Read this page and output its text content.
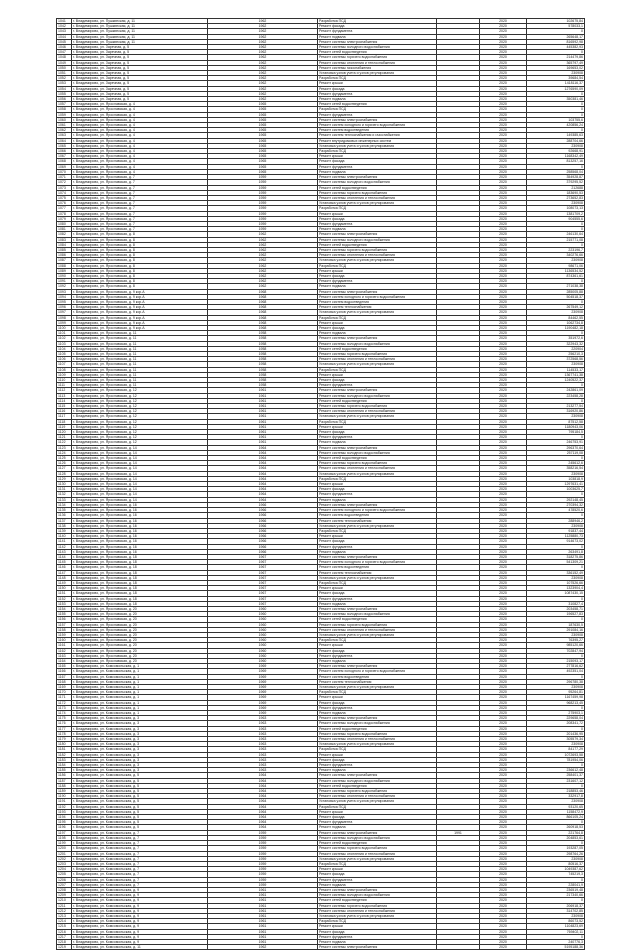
1041	г. Владимирово, ул. Пушкинская, д. 11	1962	Разработка ПСД		2020	102675,84
1042	г. Владимирово, ул. Пушкинская, д. 11	1962	Ремонт фасада		2020	578033,1
1043	г. Владимирово, ул. Пушкинская, д. 11	1962	Ремонт фундамента		2020	0
1044	г. Владимирово, ул. Пушкинская, д. 11	1962	Ремонт подвала		2020	265648,17
1045	г. Владимирово, ул. Пушкинская, д. 11	1962	Ремонт системы электроснабжения		2020	816592,98
1046	г. Владимирово, ул. Заречная, д. 5	1962	Ремонт системы холодного водоснабжения		2020	445382,93
1047	г. Владимирово, ул. Заречная, д. 5	1962	Ремонт сетей водоотведения		2020	0
1048	г. Владимирово, ул. Заречная, д. 5	1962	Ремонт системы горячего водоснабжения		2020	214479,86
1049	г. Владимирово, ул. Заречная, д. 5	1962	Ремонт системы отопления и теплоснабжения		2020	365797,49
1050	г. Владимирово, ул. Заречная, д. 5	1962	Ремонт системы газоснабжения		2020	169653,02
1051	г. Владимирово, ул. Заречная, д. 5	1962	Установка узлов учета и узлов регулирования		2020	230908
1052	г. Владимирово, ул. Заречная, д. 5	1962	Разработка ПСД		2020	39684,54
1053	г. Владимирово, ул. Заречная, д. 5	1962	Ремонт крыши		2020	1418116,37
1054	г. Владимирово, ул. Заречная, д. 5	1962	Ремонт фасада		2020	1276590,09
1055	г. Владимирово, ул. Заречная, д. 5	1962	Ремонт фундамента		2020	0
1056	г. Владимирово, ул. Заречная, д. 5	1962	Ремонт подвала		2020	350381,46
1057	г. Владимирово, ул. Ярославская, д. 4	1965	Ремонт сетей водоотведения		2020	0
1058	г. Владимирово, ул. Ярославская, д. 4	1965	Разработка ПСД		2020	0
1059	г. Владимирово, ул. Ярославская, д. 4	1965	Ремонт фундамента		2020	0
1060	г. Владимирово, ул. Ярославская, д. 4	1965	Ремонт системы электроснабжения		2020	103755,6
1061	г. Владимирово, ул. Ярославская, д. 4	1965	Ремонт систем холодного и горячего водоснабжения		2020	420856,24
1062	г. Владимирово, ул. Ярославская, д. 4	1965	Ремонт систем водоотведения		2020	0
1063	г. Владимирово, ул. Ярославская, д. 4	1965	Ремонт систем теплоснабжения и газоснабжения		2020	149385,63
1064	г. Владимирово, ул. Ярославская, д. 4	1965	Ремонт внутридомовых инженерных систем		2020	288704,66
1065	г. Владимирово, ул. Ярославская, д. 4	1965	Установка узлов учета и узлов регулирования		2020	230908
1066	г. Владимирово, ул. Ярославская, д. 4	1965	Разработка ПСД		2020	92668,91
1067	г. Владимирово, ул. Ярославская, д. 4	1965	Ремонт крыши		2020	1168342,49
1068	г. Владимирово, ул. Ярославская, д. 4	1965	Ремонт фасада		2020	813257,16
1069	г. Владимирово, ул. Ярославская, д. 4	1965	Ремонт фундамента		2020	0
1070	г. Владимирово, ул. Ярославская, д. 4	1965	Ремонт подвала		2020	258568,04
1071	г. Владимирово, ул. Ярославская, д. 7	1959	Ремонт системы электроснабжения		2020	354928,87
1072	г. Владимирово, ул. Ярославская, д. 7	1959	Ремонт системы холодного водоснабжения		2020	379295,52
1073	г. Владимирово, ул. Ярославская, д. 7	1959	Ремонт сетей водоотведения		2020	212688
1074	г. Владимирово, ул. Ярославская, д. 7	1959	Ремонт системы горячего водоснабжения		2020	183690,53
1075	г. Владимирово, ул. Ярославская, д. 7	1959	Ремонт системы отопления и теплоснабжения		2020	273652,83
1076	г. Владимирово, ул. Ярославская, д. 7	1959	Установка узлов учета и узлов регулирования		2020	230908
1077	г. Владимирово, ул. Ярославская, д. 7	1959	Разработка ПСД		2020	108073,13
1078	г. Владимирово, ул. Ярославская, д. 7	1959	Ремонт крыши		2020	1381709,2
1079	г. Владимирово, ул. Ярославская, д. 7	1959	Ремонт фасада		2020	904555,6
1080	г. Владимирово, ул. Ярославская, д. 7	1959	Ремонт фундамента		2020	0
1081	г. Владимирово, ул. Ярославская, д. 7	1959	Ремонт подвала		2020	0
1082	г. Владимирово, ул. Ярославская, д. 8	1962	Ремонт системы электроснабжения		2020	246130,64
1083	г. Владимирово, ул. Ярославская, д. 8	1962	Ремонт системы холодного водоснабжения		2020	215771,08
1084	г. Владимирово, ул. Ярославская, д. 8	1962	Ремонт сетей водоотведения		2020	0
1085	г. Владимирово, ул. Ярославская, д. 8	1962	Ремонт системы горячего водоснабжения		2020	223196,7
1086	г. Владимирово, ул. Ярославская, д. 8	1962	Ремонт системы отопления и теплоснабжения		2020	340276,66
1087	г. Владимирово, ул. Ярославская, д. 8	1962	Установка узлов учета и узлов регулирования		2020	230908
1088	г. Владимирово, ул. Ярославская, д. 8	1962	Разработка ПСД		2020	98671,06
1089	г. Владимирово, ул. Ярославская, д. 8	1962	Ремонт крыши		2020	1136534,52
1090	г. Владимирово, ул. Ярославская, д. 8	1962	Ремонт фасада		2020	874361,61
1091	г. Владимирово, ул. Ярославская, д. 8	1962	Ремонт фундамента		2020	0
1092	г. Владимирово, ул. Ярославская, д. 8	1962	Ремонт подвала		2020	271038,38
1093	г. Владимирово, ул. Ярославская, д. 9 кор.А	1968	Ремонт системы электроснабжения		2020	285005,88
1094	г. Владимирово, ул. Ярославская, д. 9 кор.А	1968	Ремонт систем холодного и горячего водоснабжения		2020	504518,37
1095	г. Владимирово, ул. Ярославская, д. 9 кор.А	1968	Ремонт систем водоотведения		2020	0
1096	г. Владимирово, ул. Ярославская, д. 9 кор.А	1968	Ремонт систем теплоснабжения		2020	267549,12
1097	г. Владимирово, ул. Ярославская, д. 9 кор.А	1968	Установка узлов учета и узлов регулирования		2020	230908
1098	г. Владимирово, ул. Ярославская, д. 9 кор.А	1968	Разработка ПСД		2020	84462,55
1099	г. Владимирово, ул. Ярославская, д. 9 кор.А	1968	Ремонт крыши		2020	1062734,8
1100	г. Владимирово, ул. Ярославская, д. 9 кор.А	1968	Ремонт фасада		2020	1190482,18
1101	г. Владимирово, ул. Ярославская, д. 11	1958	Ремонт подвала		2020	0
1102	г. Владимирово, ул. Ярославская, д. 11	1958	Ремонт системы электроснабжения		2020	351972,6
1103	г. Владимирово, ул. Ярославская, д. 11	1958	Ремонт системы холодного водоснабжения		2020	322943,32
1104	г. Владимирово, ул. Ярославская, д. 11	1958	Ремонт сетей водоотведения		2020	220904
1105	г. Владимирово, ул. Ярославская, д. 11	1958	Ремонт системы горячего водоснабжения		2020	256210,3
1106	г. Владимирово, ул. Ярославская, д. 11	1958	Ремонт системы отопления и теплоснабжения		2020	372568,56
1107	г. Владимирово, ул. Ярославская, д. 11	1958	Установка узлов учета и узлов регулирования		2020	230908
1108	г. Владимирово, ул. Ярославская, д. 11	1958	Разработка ПСД		2020	114533,17
1109	г. Владимирово, ул. Ярославская, д. 11	1958	Ремонт крыши		2020	1367741,38
1110	г. Владимирово, ул. Ярославская, д. 11	1958	Ремонт фасада		2020	1240522,37
1111	г. Владимирово, ул. Ярославская, д. 11	1958	Ремонт фундамента		2020	0
1112	г. Владимирово, ул. Ярославская, д. 12	1961	Ремонт системы электроснабжения		2020	242861,09
1113	г. Владимирово, ул. Ярославская, д. 12	1961	Ремонт системы холодного водоснабжения		2020	223458,28
1114	г. Владимирово, ул. Ярославская, д. 12	1961	Ремонт сетей водоотведения		2020	0
1115	г. Владимирово, ул. Ярославская, д. 12	1961	Ремонт системы горячего водоснабжения		2020	213277,54
1116	г. Владимирово, ул. Ярославская, д. 12	1961	Ремонт системы отопления и теплоснабжения		2020	316920,86
1117	г. Владимирово, ул. Ярославская, д. 12	1961	Установка узлов учета и узлов регулирования		2020	230908
1118	г. Владимирово, ул. Ярославская, д. 12	1961	Разработка ПСД		2020	87512,58
1119	г. Владимирово, ул. Ярославская, д. 12	1961	Ремонт крыши		2020	1180943,06
1120	г. Владимирово, ул. Ярославская, д. 12	1961	Ремонт фасада		2020	795184,5
1121	г. Владимирово, ул. Ярославская, д. 12	1961	Ремонт фундамента		2020	0
1122	г. Владимирово, ул. Ярославская, д. 12	1961	Ремонт подвала		2020	246753,91
1123	г. Владимирово, ул. Ярославская, д. 14	1964	Ремонт системы электроснабжения		2020	296370,64
1124	г. Владимирово, ул. Ярославская, д. 14	1964	Ремонт системы холодного водоснабжения		2020	257119,08
1125	г. Владимирово, ул. Ярославская, д. 14	1964	Ремонт сетей водоотведения		2020	0
1126	г. Владимирово, ул. Ярославская, д. 14	1964	Ремонт системы горячего водоснабжения		2020	245612,6
1127	г. Владимирово, ул. Ярославская, д. 14	1964	Ремонт системы отопления и теплоснабжения		2020	358216,54
1128	г. Владимирово, ул. Ярославская, д. 14	1964	Установка узлов учета и узлов регулирования		2020	230908
1129	г. Владимирово, ул. Ярославская, д. 14	1964	Разработка ПСД		2020	103818,9
1130	г. Владимирово, ул. Ярославская, д. 14	1964	Ремонт крыши		2020	1297631,41
1131	г. Владимирово, ул. Ярославская, д. 14	1964	Ремонт фасада		2020	1003625,7
1132	г. Владимирово, ул. Ярославская, д. 14	1964	Ремонт фундамента		2020	0
1133	г. Владимирово, ул. Ярославская, д. 14	1964	Ремонт подвала		2020	292148,45
1134	г. Владимирово, ул. Ярославская, д. 16	1966	Ремонт системы электроснабжения		2020	270394,32
1135	г. Владимирово, ул. Ярославская, д. 16	1966	Ремонт систем холодного и горячего водоснабжения		2020	478520,6
1136	г. Владимирово, ул. Ярославская, д. 16	1966	Ремонт систем водоотведения		2020	0
1137	г. Владимирово, ул. Ярославская, д. 16	1966	Ремонт систем теплоснабжения		2020	288946,2
1138	г. Владимирово, ул. Ярославская, д. 16	1966	Установка узлов учета и узлов регулирования		2020	230908
1139	г. Владимирово, ул. Ярославская, д. 16	1966	Разработка ПСД		2020	91837,44
1140	г. Владимирово, ул. Ярославская, д. 16	1966	Ремонт крыши		2020	1125880,73
1141	г. Владимирово, ул. Ярославская, д. 16	1966	Ремонт фасада		2020	914673,02
1142	г. Владимирово, ул. Ярославская, д. 16	1966	Ремонт фундамента		2020	0
1143	г. Владимирово, ул. Ярославская, д. 16	1966	Ремонт подвала		2020	263491,8
1144	г. Владимирово, ул. Ярославская, д. 18	1967	Ремонт системы электроснабжения		2020	318275,86
1145	г. Владимирово, ул. Ярославская, д. 18	1967	Ремонт систем холодного и горячего водоснабжения		2020	541309,21
1146	г. Владимирово, ул. Ярославская, д. 18	1967	Ремонт систем водоотведения		2020	0
1147	г. Владимирово, ул. Ярославская, д. 18	1967	Ремонт систем теплоснабжения		2020	336152,49
1148	г. Владимирово, ул. Ярославская, д. 18	1967	Установка узлов учета и узлов регулирования		2020	230908
1149	г. Владимирово, ул. Ярославская, д. 18	1967	Разработка ПСД		2020	107526,66
1150	г. Владимирово, ул. Ярославская, д. 18	1967	Ремонт крыши		2020	1323904,4
1151	г. Владимирово, ул. Ярославская, д. 18	1967	Ремонт фасада		2020	1087430,15
1152	г. Владимирово, ул. Ярославская, д. 18	1967	Ремонт фундамента		2020	0
1153	г. Владимирово, ул. Ярославская, д. 18	1967	Ремонт подвала		2020	310827,4
1154	г. Владимирово, ул. Ярославская, д. 20	1960	Ремонт системы электроснабжения		2020	203458,71
1155	г. Владимирово, ул. Ярославская, д. 20	1960	Ремонт системы холодного водоснабжения		2020	196527,83
1156	г. Владимирово, ул. Ярославская, д. 20	1960	Ремонт сетей водоотведения		2020	0
1157	г. Владимирово, ул. Ярославская, д. 20	1960	Ремонт системы горячего водоснабжения		2020	187630,5
1158	г. Владимирово, ул. Ярославская, д. 20	1960	Ремонт системы отопления и теплоснабжения		2020	291084,16
1159	г. Владимирово, ул. Ярославская, д. 20	1960	Установка узлов учета и узлов регулирования		2020	230908
1160	г. Владимирово, ул. Ярославская, д. 20	1960	Разработка ПСД		2020	76395,27
1161	г. Владимирово, ул. Ярославская, д. 20	1960	Ремонт крыши		2020	985120,66
1162	г. Владимирово, ул. Ярославская, д. 20	1960	Ремонт фасада		2020	702847,94
1163	г. Владимирово, ул. Ярославская, д. 20	1960	Ремонт фундамента		2020	0
1164	г. Владимирово, ул. Ярославская, д. 20	1960	Ремонт подвала		2020	215093,17
1165	г. Владимирово, ул. Комсомольская, д. 1	1969	Ремонт системы электроснабжения		2020	277816,62
1166	г. Владимирово, ул. Комсомольская, д. 1	1969	Ремонт систем холодного и горячего водоснабжения		2020	492351,04
1167	г. Владимирово, ул. Комсомольская, д. 1	1969	Ремонт систем водоотведения		2020	0
1168	г. Владимирово, ул. Комсомольская, д. 1	1969	Ремонт систем теплоснабжения		2020	296780,38
1169	г. Владимирово, ул. Комсомольская, д. 1	1969	Установка узлов учета и узлов регулирования		2020	230908
1170	г. Владимирово, ул. Комсомольская, д. 1	1969	Разработка ПСД		2020	95264,81
1171	г. Владимирово, ул. Комсомольская, д. 1	1969	Ремонт крыши		2020	1167459,98
1172	г. Владимирово, ул. Комсомольская, д. 1	1969	Ремонт фасада		2020	968213,45
1173	г. Владимирово, ул. Комсомольская, д. 1	1969	Ремонт фундамента		2020	0
1174	г. Владимирово, ул. Комсомольская, д. 1	1969	Ремонт подвала		2020	275903,1
1175	г. Владимирово, ул. Комсомольская, д. 3	1963	Ремонт системы электроснабжения		2020	229658,04
1176	г. Владимирово, ул. Комсомольская, д. 3	1963	Ремонт системы холодного водоснабжения		2020	208341,72
1177	г. Владимирово, ул. Комсомольская, д. 3	1963	Ремонт сетей водоотведения		2020	0
1178	г. Владимирово, ул. Комсомольская, д. 3	1963	Ремонт системы горячего водоснабжения		2020	201436,95
1179	г. Владимирово, ул. Комсомольская, д. 3	1963	Ремонт системы отопления и теплоснабжения		2020	305579,34
1180	г. Владимирово, ул. Комсомольская, д. 3	1963	Установка узлов учета и узлов регулирования		2020	230908
1181	г. Владимирово, ул. Комсомольская, д. 3	1963	Разработка ПСД		2020	84177,29
1182	г. Владимирово, ул. Комсомольская, д. 3	1963	Ремонт крыши		2020	1072693,58
1183	г. Владимирово, ул. Комсомольская, д. 3	1963	Ремонт фасада		2020	781954,06
1184	г. Владимирово, ул. Комсомольская, д. 3	1963	Ремонт фундамента		2020	0
1185	г. Владимирово, ул. Комсомольская, д. 3	1963	Ремонт подвала		2020	236612,48
1186	г. Владимирово, ул. Комсомольская, д. 5	1964	Ремонт системы электроснабжения		2020	258401,37
1187	г. Владимирово, ул. Комсомольская, д. 5	1964	Ремонт системы холодного водоснабжения		2020	231607,12
1188	г. Владимирово, ул. Комсомольская, д. 5	1964	Ремонт сетей водоотведения		2020	0
1189	г. Владимирово, ул. Комсомольская, д. 5	1964	Ремонт системы горячего водоснабжения		2020	218853,46
1190	г. Владимирово, ул. Комсомольская, д. 5	1964	Ремонт системы отопления и теплоснабжения		2020	332917,8
1191	г. Владимирово, ул. Комсомольская, д. 5	1964	Установка узлов учета и узлов регулирования		2020	230908
1192	г. Владимирово, ул. Комсомольская, д. 5	1964	Разработка ПСД		2020	93120,65
1193	г. Владимирово, ул. Комсомольская, д. 5	1964	Ремонт крыши		2020	1158472,9
1194	г. Владимирово, ул. Комсомольская, д. 5	1964	Ремонт фасада		2020	866105,24
1195	г. Владимирово, ул. Комсомольская, д. 5	1964	Ремонт фундамента		2020	0
1196	г. Владимирово, ул. Комсомольская, д. 5	1964	Ремонт подвала		2020	260918,53
1197	г. Владимирово, ул. Комсомольская, д. 7	1959	Ремонт системы электроснабжения	1991	2020	221764,8
1198	г. Владимирово, ул. Комсомольская, д. 7	1959	Ремонт системы холодного водоснабжения		2020	204853,61
1199	г. Владимирово, ул. Комсомольская, д. 7	1959	Ремонт сетей водоотведения		2020	0
1200	г. Владимирово, ул. Комсомольская, д. 7	1959	Ремонт системы горячего водоснабжения		2020	193287,05
1201	г. Владимирово, ул. Комсомольская, д. 7	1959	Ремонт системы отопления и теплоснабжения		2020	298764,26
1202	г. Владимирово, ул. Комсомольская, д. 7	1959	Установка узлов учета и узлов регулирования		2020	230908
1203	г. Владимирово, ул. Комсомольская, д. 7	1959	Разработка ПСД		2020	80516,37
1204	г. Владимирово, ул. Комсомольская, д. 7	1959	Ремонт крыши		2020	1049387,62
1205	г. Владимирово, ул. Комсомольская, д. 7	1959	Ремонт фасада		2020	745219,3
1206	г. Владимирово, ул. Комсомольская, д. 7	1959	Ремонт фундамента		2020	0
1207	г. Владимирово, ул. Комсомольская, д. 7	1959	Ремонт подвала		2020	228041,9
1208	г. Владимирово, ул. Комсомольская, д. 9	1961	Ремонт системы электроснабжения		2020	236519,48
1209	г. Владимирово, ул. Комсомольская, д. 9	1961	Ремонт системы холодного водоснабжения		2020	217340,66
1210	г. Владимирово, ул. Комсомольская, д. 9	1961	Ремонт сетей водоотведения		2020	0
1211	г. Владимирово, ул. Комсомольская, д. 9	1961	Ремонт системы горячего водоснабжения		2020	206918,37
1212	г. Владимирово, ул. Комсомольская, д. 9	1961	Ремонт системы отопления и теплоснабжения		2020	314702,85
1213	г. Владимирово, ул. Комсомольская, д. 9	1961	Установка узлов учета и узлов регулирования		2020	230908
1214	г. Владимирово, ул. Комсомольская, д. 9	1961	Разработка ПСД		2020	86073,52
1215	г. Владимирово, ул. Комсомольская, д. 9	1961	Ремонт крыши		2020	1104823,69
1216	г. Владимирово, ул. Комсомольская, д. 9	1961	Ремонт фасада		2020	769402,11
1217	г. Владимирово, ул. Комсомольская, д. 9	1961	Ремонт фундамента		2020	0
1218	г. Владимирово, ул. Комсомольская, д. 9	1961	Ремонт подвала		2020	240776,3
1219	г. Владимирово, ул. Комсомольская, д. 11	1962	Ремонт системы электроснабжения		2020	5195188,36
